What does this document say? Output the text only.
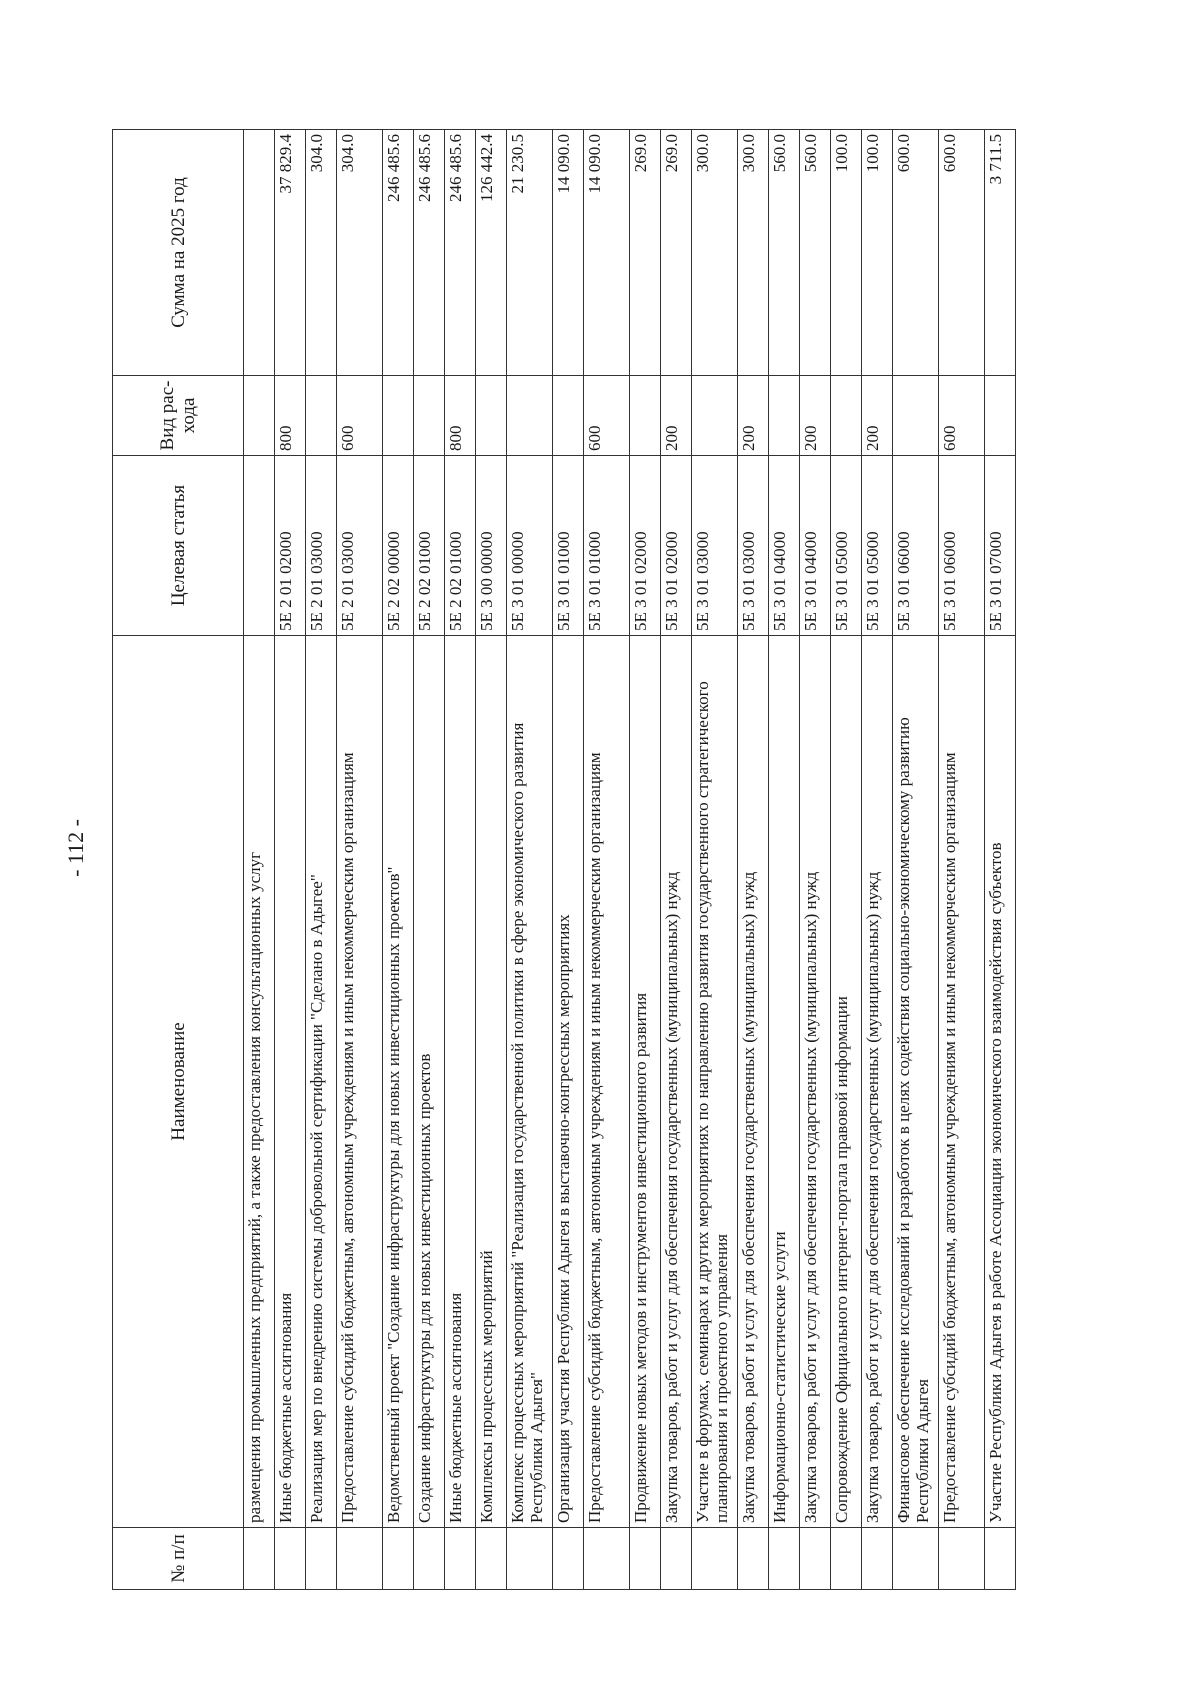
- 112 -
№ п/п	Наименование	Целевая статья	Вид рас- хода	Сумма на 2025 год
	размещения промышленных предприятий, а также предоставления консультационных услуг			
	Иные бюджетные ассигнования	5Е 2 01 02000	800	37 829.4
	Реализация мер по внедрению системы добровольной сертификации "Сделано в Адыгее"	5Е 2 01 03000		304.0
	Предоставление субсидий бюджетным, автономным учреждениям и иным некоммерческим организациям	5Е 2 01 03000	600	304.0
	Ведомственный проект "Создание инфраструктуры для новых инвестиционных проектов"	5Е 2 02 00000		246 485.6
	Создание инфраструктуры для новых инвестиционных проектов	5Е 2 02 01000		246 485.6
	Иные бюджетные ассигнования	5Е 2 02 01000	800	246 485.6
	Комплексы процессных мероприятий	5Е 3 00 00000		126 442.4
	Комплекс процессных мероприятий "Реализация государственной политики в сфере экономического развития Республики Адыгея"	5Е 3 01 00000		21 230.5
	Организация участия Республики Адыгея в выставочно-конгрессных мероприятиях	5Е 3 01 01000		14 090.0
	Предоставление субсидий бюджетным, автономным учреждениям и иным некоммерческим организациям	5Е 3 01 01000	600	14 090.0
	Продвижение новых методов и инструментов инвестиционного развития	5Е 3 01 02000		269.0
	Закупка товаров, работ и услуг для обеспечения государственных (муниципальных) нужд	5Е 3 01 02000	200	269.0
	Участие в форумах, семинарах и других мероприятиях по направлению развития государственного стратегического планирования и проектного управления	5Е 3 01 03000		300.0
	Закупка товаров, работ и услуг для обеспечения государственных (муниципальных) нужд	5Е 3 01 03000	200	300.0
	Информационно-статистические услуги	5Е 3 01 04000		560.0
	Закупка товаров, работ и услуг для обеспечения государственных (муниципальных) нужд	5Е 3 01 04000	200	560.0
	Сопровождение Официального интернет-портала правовой информации	5Е 3 01 05000		100.0
	Закупка товаров, работ и услуг для обеспечения государственных (муниципальных) нужд	5Е 3 01 05000	200	100.0
	Финансовое обеспечение исследований и разработок в целях содействия социально-экономическому развитию Республики Адыгея	5Е 3 01 06000		600.0
	Предоставление субсидий бюджетным, автономным учреждениям и иным некоммерческим организациям	5Е 3 01 06000	600	600.0
	Участие Республики Адыгея в работе Ассоциации экономического взаимодействия субъектов	5Е 3 01 07000		3 711.5
